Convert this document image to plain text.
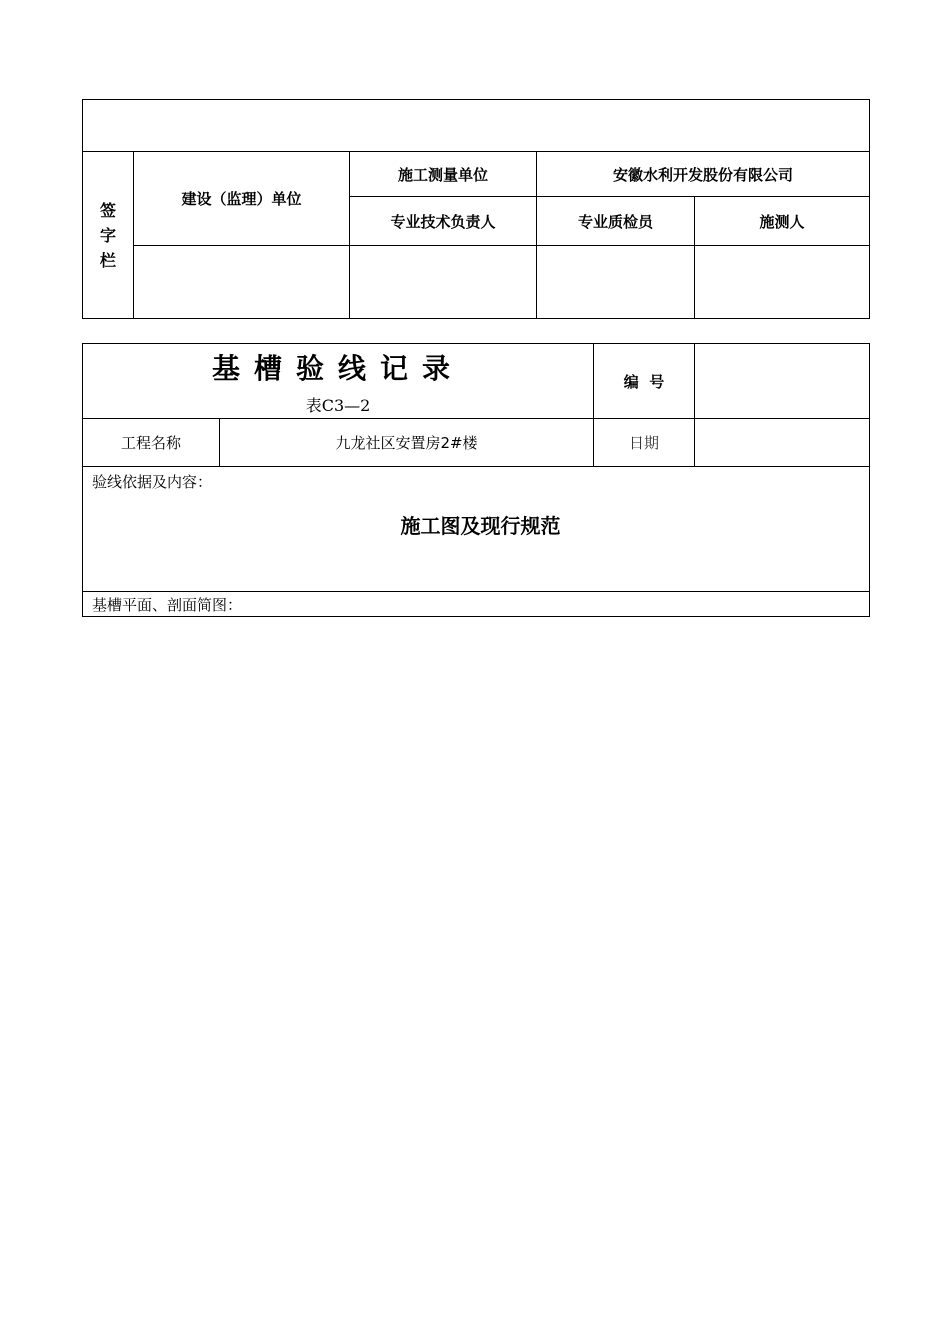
签
字
栏	建设（监理）单位	施工测量单位	安徽水利开发股份有限公司	
		专业技术负责人	专业质检员	施测人

基槽验线记录
表C3—2		编  号	
工程名称	九龙社区安置房2#楼	日期	

验线依据及内容：
施工图及现行规范			

基槽平面、剖面简图：			
